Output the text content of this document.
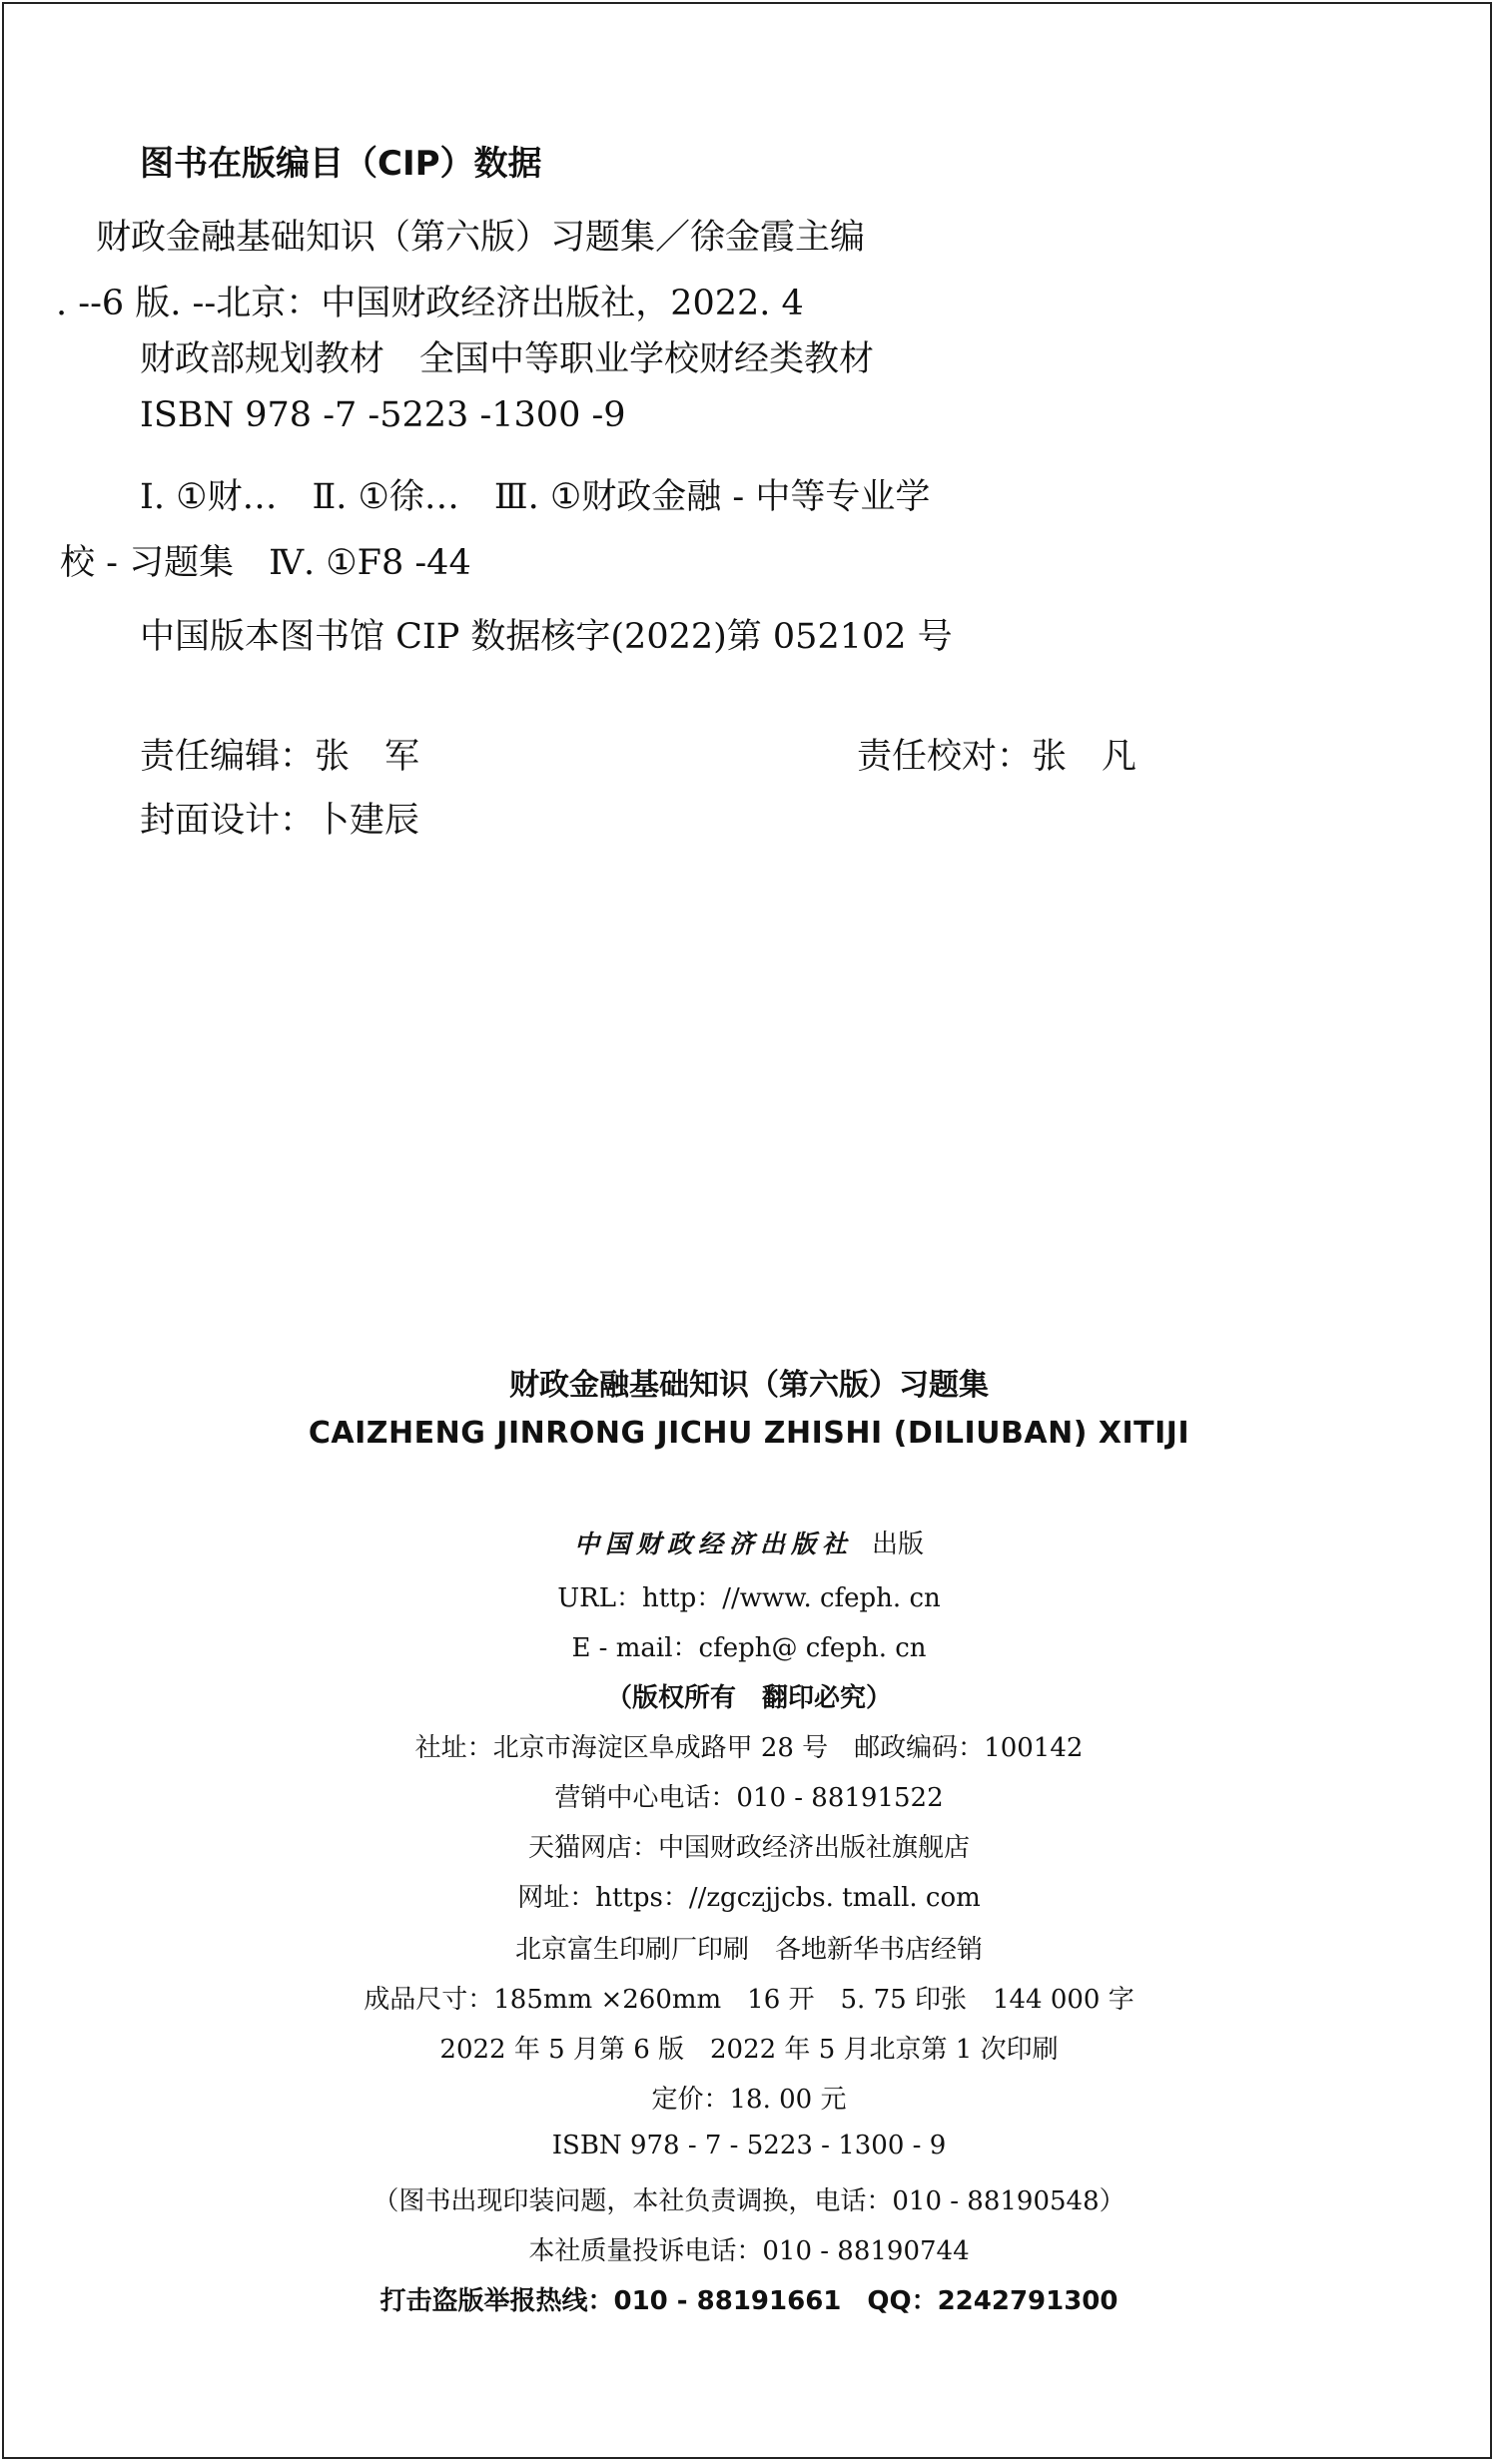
图书在版编目（CIP）数据
财政金融基础知识（第六版）习题集／徐金霞主编
. --6 版. --北京：中国财政经济出版社，2022. 4
财政部规划教材　全国中等职业学校财经类教材
ISBN 978 -7 -5223 -1300 -9
Ⅰ. ①财…　Ⅱ. ①徐…　Ⅲ. ①财政金融 - 中等专业学
校 - 习题集　Ⅳ. ①F8 -44
中国版本图书馆 CIP 数据核字(2022)第 052102 号
责任编辑：张　军	责任校对：张　凡
封面设计：卜建辰
财政金融基础知识（第六版）习题集
CAIZHENG JINRONG JICHU ZHISHI (DILIUBAN) XITIJI
中国财政经济出版社 出版
URL：http：//www. cfeph. cn
E - mail：cfeph@ cfeph. cn
（版权所有　翻印必究）
社址：北京市海淀区阜成路甲 28 号　邮政编码：100142
营销中心电话：010 - 88191522
天猫网店：中国财政经济出版社旗舰店
网址：https：//zgczjjcbs. tmall. com
北京富生印刷厂印刷　各地新华书店经销
成品尺寸：185mm ×260mm　16 开　5. 75 印张　144 000 字
2022 年 5 月第 6 版　2022 年 5 月北京第 1 次印刷
定价：18. 00 元
ISBN 978 - 7 - 5223 - 1300 - 9
（图书出现印装问题，本社负责调换，电话：010 - 88190548）
本社质量投诉电话：010 - 88190744
打击盗版举报热线：010 - 88191661　QQ：2242791300
